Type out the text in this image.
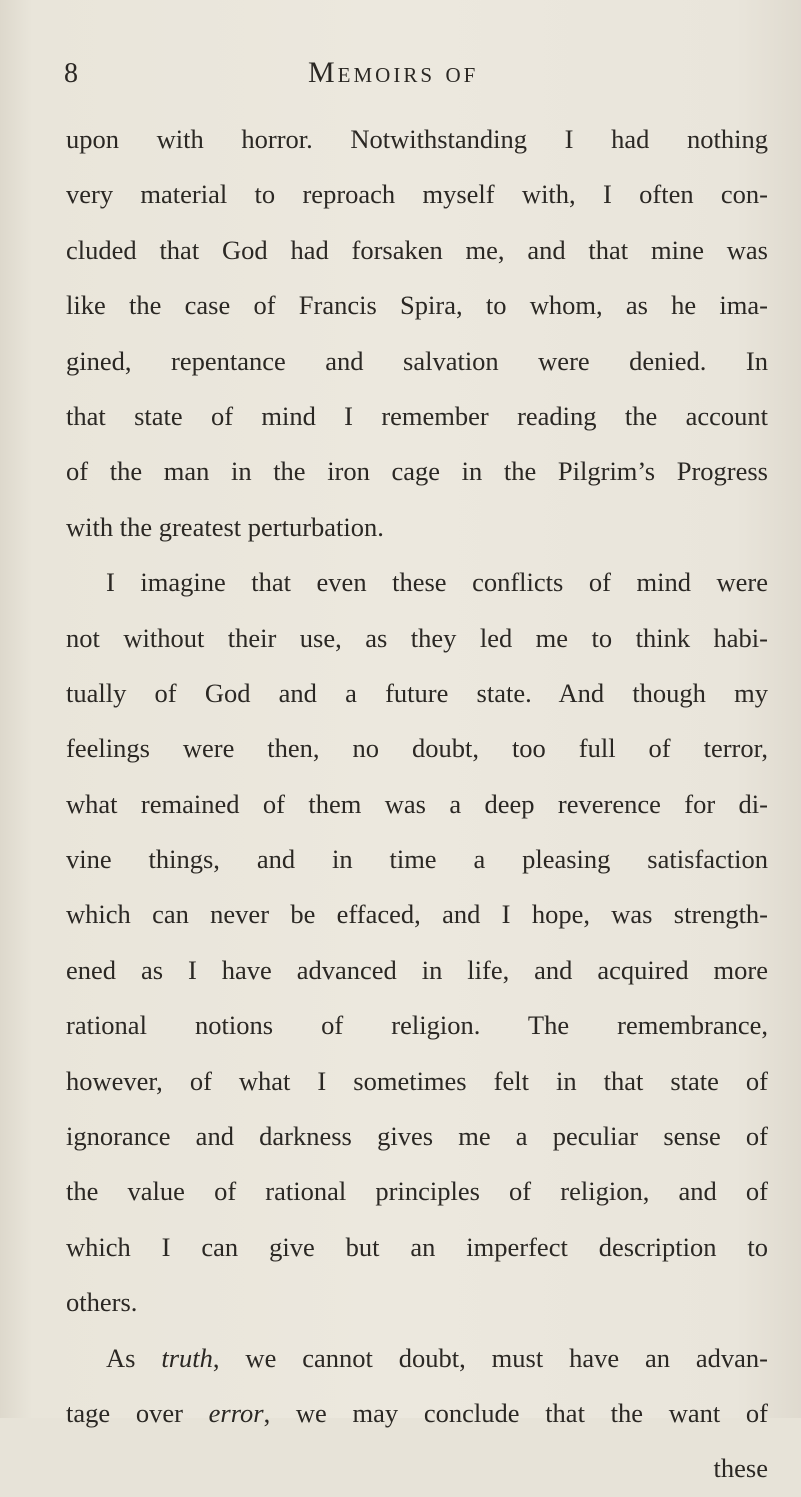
8	Memoirs of
upon with horror. Notwithstanding I had nothing
very material to reproach myself with, I often con-
cluded that God had forsaken me, and that mine was
like the case of Francis Spira, to whom, as he ima-
gined, repentance and salvation were denied. In
that state of mind I remember reading the account
of the man in the iron cage in the Pilgrim’s Progress
with the greatest perturbation.
I imagine that even these conflicts of mind were
not without their use, as they led me to think habi-
tually of God and a future state. And though my
feelings were then, no doubt, too full of terror,
what remained of them was a deep reverence for di-
vine things, and in time a pleasing satisfaction
which can never be effaced, and I hope, was strength-
ened as I have advanced in life, and acquired more
rational notions of religion. The remembrance,
however, of what I sometimes felt in that state of
ignorance and darkness gives me a peculiar sense of
the value of rational principles of religion, and of
which I can give but an imperfect description to
others.
As truth, we cannot doubt, must have an advan-
tage over error, we may conclude that the want of
these
